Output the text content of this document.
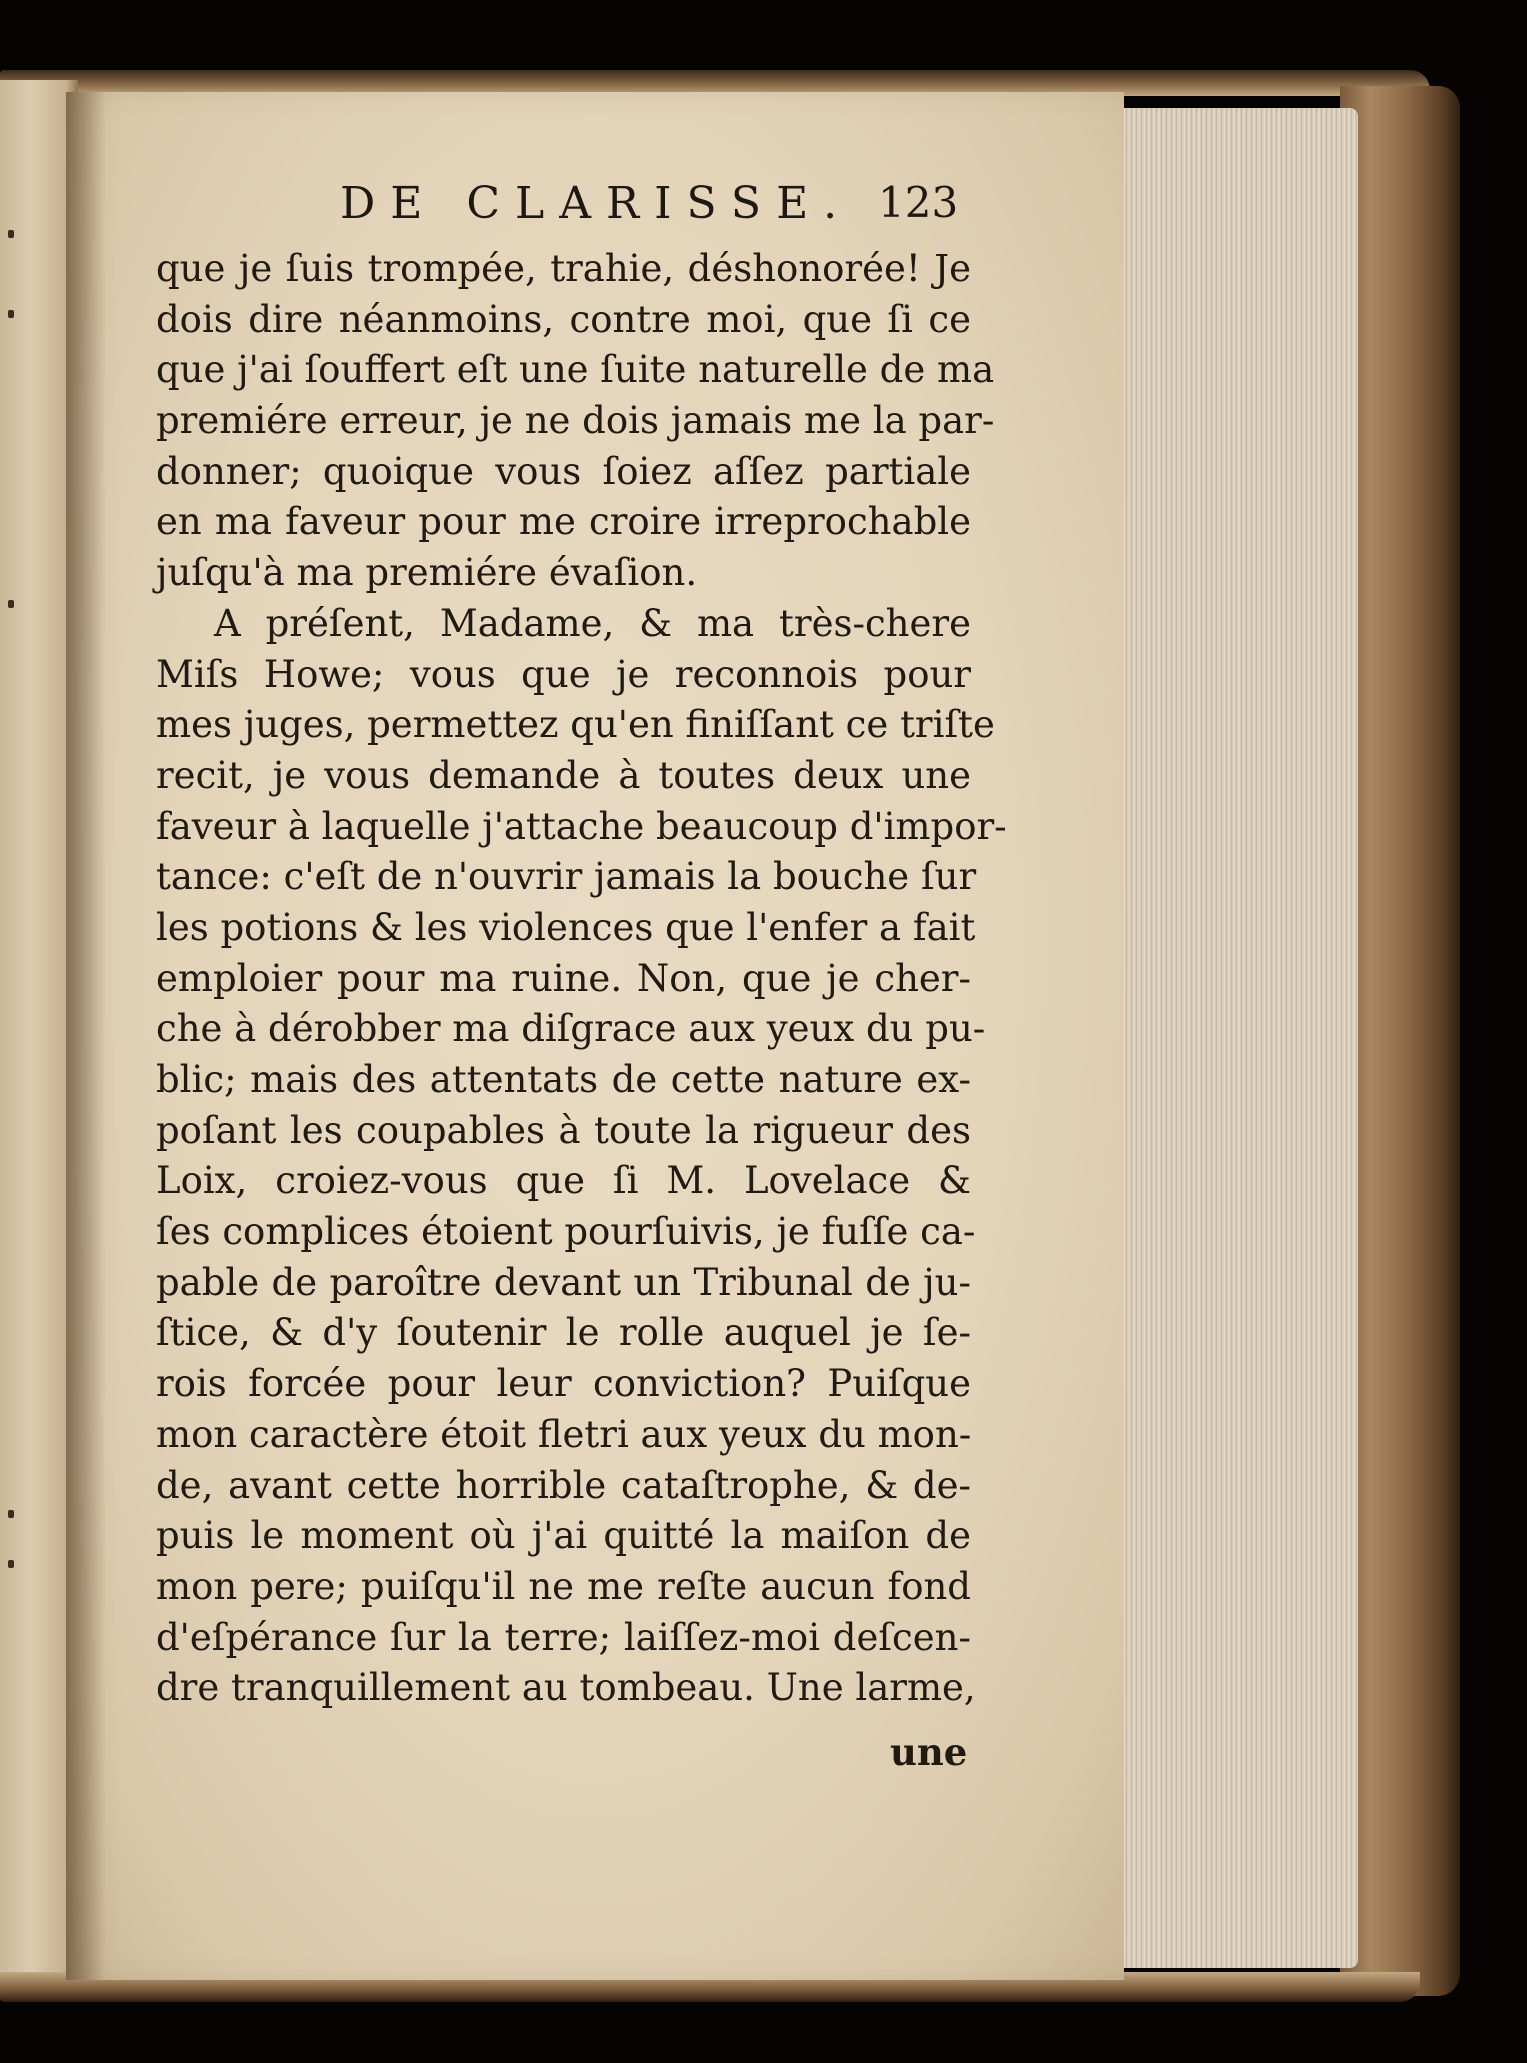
DE CLARISSE. 123
que je ſuis trompée, trahie, déshonorée! Je
dois dire néanmoins, contre moi, que ſi ce
que j'ai ſouffert eſt une ſuite naturelle de ma
premiére erreur, je ne dois jamais me la par-
donner; quoique vous ſoiez aſſez partiale
en ma faveur pour me croire irreprochable
juſqu'à ma premiére évaſion.
A préſent, Madame, & ma très-chere
Miſs Howe; vous que je reconnois pour
mes juges, permettez qu'en finiſſant ce triſte
recit, je vous demande à toutes deux une
faveur à laquelle j'attache beaucoup d'impor-
tance: c'eſt de n'ouvrir jamais la bouche ſur
les potions & les violences que l'enfer a fait
emploier pour ma ruine. Non, que je cher-
che à dérobber ma diſgrace aux yeux du pu-
blic; mais des attentats de cette nature ex-
poſant les coupables à toute la rigueur des
Loix, croiez-vous que ſi M. Lovelace &
ſes complices étoient pourſuivis, je fuſſe ca-
pable de paroître devant un Tribunal de ju-
ſtice, & d'y ſoutenir le rolle auquel je ſe-
rois forcée pour leur conviction? Puiſque
mon caractère étoit fletri aux yeux du mon-
de, avant cette horrible cataſtrophe, & de-
puis le moment où j'ai quitté la maiſon de
mon pere; puiſqu'il ne me reſte aucun fond
d'eſpérance ſur la terre; laiſſez-moi deſcen-
dre tranquillement au tombeau. Une larme,
une
